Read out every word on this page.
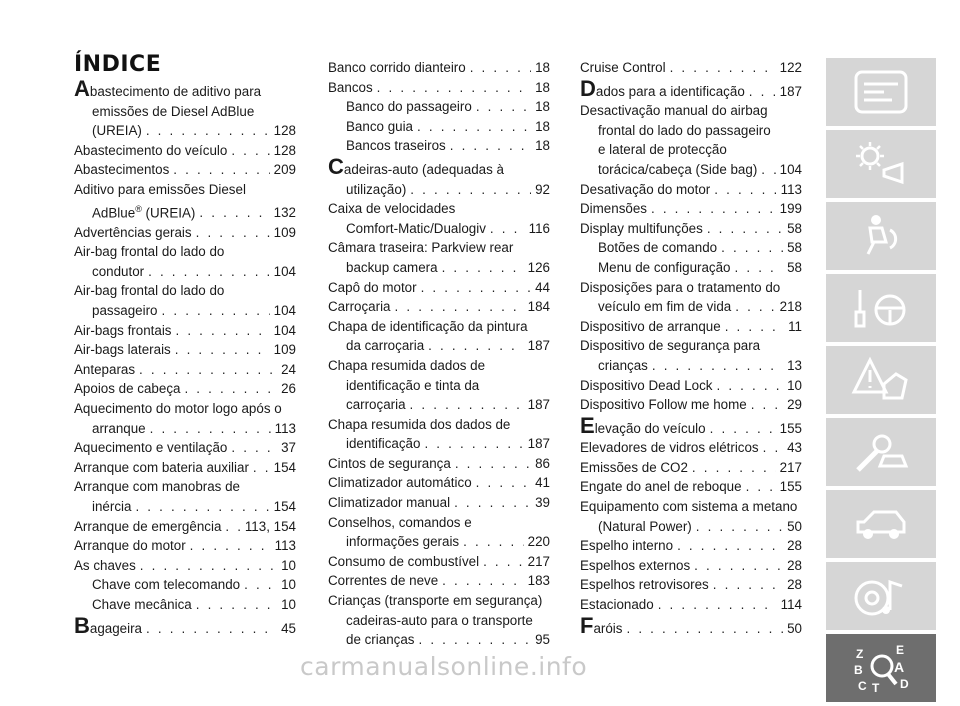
ÍNDICE
Abastecimento de aditivo para
emissões de Diesel AdBlue
(UREIA) . . .	128
Abastecimento do veículo . . .	128
Abastecimentos . . .	209
Aditivo para emissões Diesel
AdBlue® (UREIA) . . .	132
Advertências gerais . . .	109
Air-bag frontal do lado do
condutor . . .	104
Air-bag frontal do lado do
passageiro . . .	104
Air-bags frontais . . .	104
Air-bags laterais . . .	109
Anteparas . . .	24
Apoios de cabeça . . .	26
Aquecimento do motor logo após o
arranque . . .	113
Aquecimento e ventilação . . .	37
Arranque com bateria auxiliar . . . 154
Arranque com manobras de
inércia . . .	154
Arranque de emergência . . . 113, 154
Arranque do motor . . .	113
As chaves . . .	10
Chave com telecomando . . .	10
Chave mecânica . . .	10
Bagageira . . .	45
Banco corrido dianteiro . . .	18
Bancos . . .	18
Banco do passageiro . . .	18
Banco guia . . .	18
Bancos traseiros . . .	18
Cadeiras-auto (adequadas à
utilização) . . .	92
Caixa de velocidades
Comfort-Matic/Dualogiv . . .	116
Câmara traseira: Parkview rear
backup camera . . .	126
Capô do motor . . .	44
Carroçaria . . .	184
Chapa de identificação da pintura
da carroçaria . . .	187
Chapa resumida dados de
identificação e tinta da
carroçaria . . .	187
Chapa resumida dos dados de
identificação . . .	187
Cintos de segurança . . .	86
Climatizador automático . . .	41
Climatizador manual . . .	39
Conselhos, comandos e
informações gerais . . .	220
Consumo de combustível . . .	217
Correntes de neve . . .	183
Crianças (transporte em segurança)
cadeiras-auto para o transporte
de crianças . . .	95
Cruise Control . . .	122
Dados para a identificação . . .	187
Desactivação manual do airbag
frontal do lado do passageiro
e lateral de protecção
torácica/cabeça (Side bag) . . . 104
Desativação do motor . . .	113
Dimensões . . .	199
Display multifunções . . .	58
Botões de comando . . .	58
Menu de configuração . . .	58
Disposições para o tratamento do
veículo em fim de vida . . .	218
Dispositivo de arranque . . .	11
Dispositivo de segurança para
crianças . . .	13
Dispositivo Dead Lock . . .	10
Dispositivo Follow me home . . .	29
Elevação do veículo . . .	155
Elevadores de vidros elétricos . . . 43
Emissões de CO2 . . .	217
Engate do anel de reboque . . .	155
Equipamento com sistema a metano
(Natural Power) . . .	50
Espelho interno . . .	28
Espelhos externos . . .	28
Espelhos retrovisores . . .	28
Estacionado . . .	114
Faróis . . .	50
Z	E
A
B
C T D
carmanualsonline.info
